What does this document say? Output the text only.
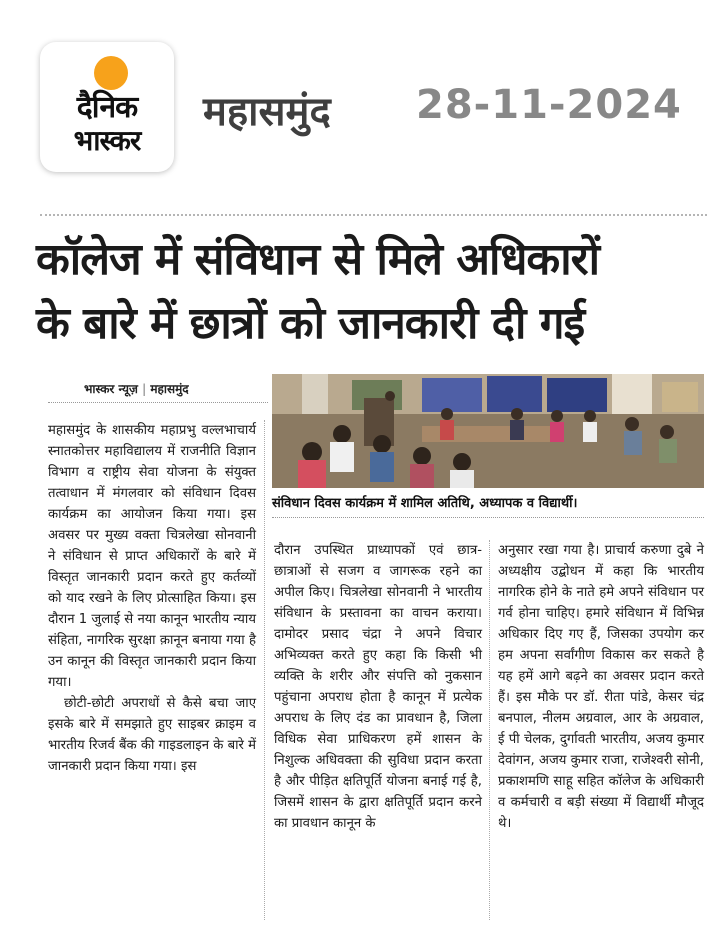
दैनिक
भास्कर
महासमुंद 28-11-2024
कॉलेज में संविधान से मिले अधिकारों
के बारे में छात्रों को जानकारी दी गई
भास्कर न्यूज़ | महासमुंद
संविधान दिवस कार्यक्रम में शामिल अतिथि, अध्यापक व विद्यार्थी।

महासमुंद के शासकीय महाप्रभु वल्लभाचार्य स्नातकोत्तर महाविद्यालय में राजनीति विज्ञान विभाग व राष्ट्रीय सेवा योजना के संयुक्त तत्वाधान में मंगलवार को संविधान दिवस कार्यक्रम का आयोजन किया गया। इस अवसर पर मुख्य वक्ता चित्रलेखा सोनवानी ने संविधान से प्राप्त अधिकारों के बारे में विस्तृत जानकारी प्रदान करते हुए कर्तव्यों को याद रखने के लिए प्रोत्साहित किया। इस दौरान 1 जुलाई से नया कानून भारतीय न्याय संहिता, नागरिक सुरक्षा क़ानून बनाया गया है उन कानून की विस्तृत जानकारी प्रदान किया गया।

छोटी-छोटी अपराधों से कैसे बचा जाए इसके बारे में समझाते हुए साइबर क्राइम व भारतीय रिजर्व बैंक की गाइडलाइन के बारे में जानकारी प्रदान किया गया। इस

दौरान उपस्थित प्राध्यापकों एवं छात्र- छात्राओं से सजग व जागरूक रहने का अपील किए। चित्रलेखा सोनवानी ने भारतीय संविधान के प्रस्तावना का वाचन कराया। दामोदर प्रसाद चंद्रा ने अपने विचार अभिव्यक्त करते हुए कहा कि किसी भी व्यक्ति के शरीर और संपत्ति को नुकसान पहुंचाना अपराध होता है कानून में प्रत्येक अपराध के लिए दंड का प्रावधान है, जिला विधिक सेवा प्राधिकरण हमें शासन के निशुल्क अधिवक्ता की सुविधा प्रदान करता है और पीड़ित क्षतिपूर्ति योजना बनाई गई है, जिसमें शासन के द्वारा क्षतिपूर्ति प्रदान करने का प्रावधान कानून के

अनुसार रखा गया है। प्राचार्य करुणा दुबे ने अध्यक्षीय उद्बोधन में कहा कि भारतीय नागरिक होने के नाते हमे अपने संविधान पर गर्व होना चाहिए। हमारे संविधान में विभिन्न अधिकार दिए गए हैं, जिसका उपयोग कर हम अपना सर्वांगीण विकास कर सकते है यह हमें आगे बढ़ने का अवसर प्रदान करते हैं। इस मौके पर डॉ. रीता पांडे, केसर चंद्र बनपाल, नीलम अग्रवाल, आर के अग्रवाल, ई पी चेलक, दुर्गावती भारतीय, अजय कुमार देवांगन, अजय कुमार राजा, राजेश्वरी सोनी, प्रकाशमणि साहू सहित कॉलेज के अधिकारी व कर्मचारी व बड़ी संख्या में विद्यार्थी मौजूद थे।
